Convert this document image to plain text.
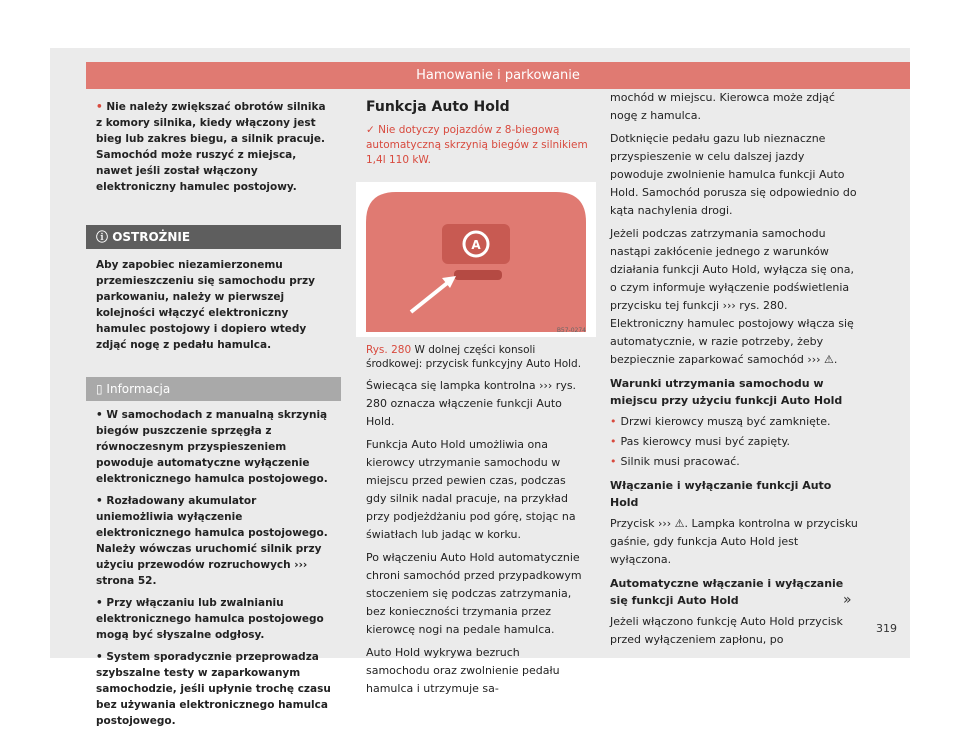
Hamowanie i parkowanie
• Nie należy zwiększać obrotów silnika z komory silnika, kiedy włączony jest bieg lub zakres biegu, a silnik pracuje. Samochód może ruszyć z miejsca, nawet jeśli został włączony elektroniczny hamulec postojowy.
ⓘ OSTROŻNIE
Aby zapobiec niezamierzonemu przemieszczeniu się samochodu przy parkowaniu, należy w pierwszej kolejności włączyć elektroniczny hamulec postojowy i dopiero wtedy zdjąć nogę z pedału hamulca.
▯ Informacja

• W samochodach z manualną skrzynią biegów puszczenie sprzęgła z równoczesnym przyspieszeniem powoduje automatyczne wyłączenie elektronicznego hamulca postojowego.

• Rozładowany akumulator uniemożliwia wyłączenie elektronicznego hamulca postojowego. Należy wówczas uruchomić silnik przy użyciu przewodów rozruchowych ››› strona 52.

• Przy włączaniu lub zwalnianiu elektronicznego hamulca postojowego mogą być słyszalne odgłosy.

• System sporadycznie przeprowadza szybszalne testy w zaparkowanym samochodzie, jeśli upłynie trochę czasu bez używania elektronicznego hamulca postojowego.

Funkcja Auto Hold
✓ Nie dotyczy pojazdów z 8-biegową automatyczną skrzynią biegów z silnikiem 1,4l 110 kW.
A
B57-0274
Rys. 280 W dolnej części konsoli środkowej: przycisk funkcyjny Auto Hold.

Świecąca się lampka kontrolna ››› rys. 280 oznacza włączenie funkcji Auto Hold.

Funkcja Auto Hold umożliwia ona kierowcy utrzymanie samochodu w miejscu przed pewien czas, podczas gdy silnik nadal pracuje, na przykład przy podjeżdżaniu pod górę, stojąc na światłach lub jadąc w korku.

Po włączeniu Auto Hold automatycznie chroni samochód przed przypadkowym stoczeniem się podczas zatrzymania, bez konieczności trzymania przez kierowcę nogi na pedale hamulca.

Auto Hold wykrywa bezruch samochodu oraz zwolnienie pedału hamulca i utrzymuje sa-

mochód w miejscu. Kierowca może zdjąć nogę z hamulca.

Dotknięcie pedału gazu lub nieznaczne przyspieszenie w celu dalszej jazdy powoduje zwolnienie hamulca funkcji Auto Hold. Samochód porusza się odpowiednio do kąta nachylenia drogi.

Jeżeli podczas zatrzymania samochodu nastąpi zakłócenie jednego z warunków działania funkcji Auto Hold, wyłącza się ona, o czym informuje wyłączenie podświetlenia przycisku tej funkcji ››› rys. 280. Elektroniczny hamulec postojowy włącza się automatycznie, w razie potrzeby, żeby bezpiecznie zaparkować samochód ››› ⚠.

Warunki utrzymania samochodu w miejscu przy użyciu funkcji Auto Hold
• Drzwi kierowcy muszą być zamknięte.
• Pas kierowcy musi być zapięty.
• Silnik musi pracować.
Włączanie i wyłączanie funkcji Auto Hold

Przycisk ››› ⚠. Lampka kontrolna w przycisku gaśnie, gdy funkcja Auto Hold jest wyłączona.

Automatyczne włączanie i wyłączanie się funkcji Auto Hold

Jeżeli włączono funkcję Auto Hold przycisk przed wyłączeniem zapłonu, po

»
319
